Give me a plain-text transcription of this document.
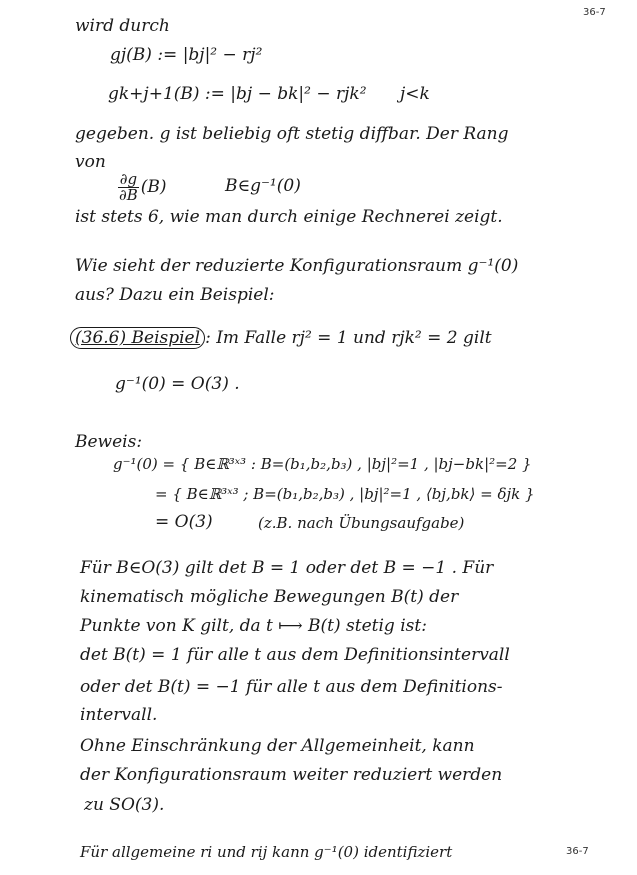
36-7
wird durch
gj(B) := |bj|² − rj²
gk+j+1(B) := |bj − bk|² − rjk² j<k
gegeben. g ist beliebig oft stetig diffbar. Der Rang
von
$\frac{\partial g}{\partial B} (B)$	B∈g⁻¹(0)
ist stets 6, wie man durch einige Rechnerei zeigt.
Wie sieht der reduzierte Konfigurationsraum g⁻¹(0)
aus? Dazu ein Beispiel:
(36.6) Beispiel : Im Falle rj² = 1 und rjk² = 2 gilt
g⁻¹(0) = O(3) .
Beweis:
g⁻¹(0) = { B∈ℝ³ˣ³ : B=(b₁,b₂,b₃) , |bj|²=1 , |bj−bk|²=2 }
= { B∈ℝ³ˣ³ ; B=(b₁,b₂,b₃) , |bj|²=1 , ⟨bj,bk⟩ = δjk }
= O(3)	(z.B. nach Übungsaufgabe)
Für B∈O(3) gilt det B = 1 oder det B = −1 . Für
kinematisch mögliche Bewegungen B(t) der
Punkte von K gilt, da t ⟼ B(t) stetig ist:
det B(t) = 1 für alle t aus dem Definitionsintervall
oder det B(t) = −1 für alle t aus dem Definitions-
intervall.
Ohne Einschränkung der Allgemeinheit, kann
der Konfigurationsraum weiter reduziert werden
zu SO(3).
Für allgemeine ri und rij kann g⁻¹(0) identifiziert	36-7
